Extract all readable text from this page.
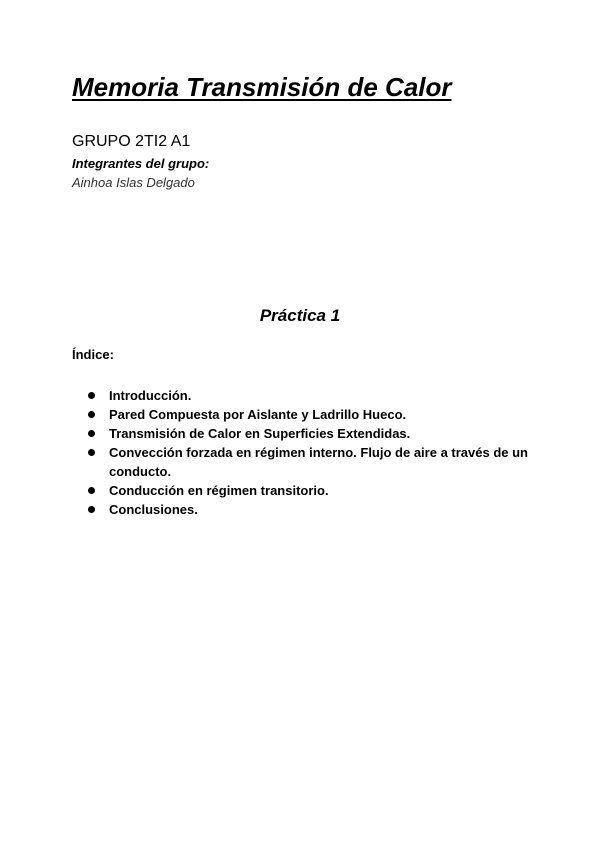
Memoria Transmisión de Calor
GRUPO 2TI2 A1
Integrantes del grupo:
Ainhoa Islas Delgado
Práctica 1
Índice:
Introducción.
Pared Compuesta por Aislante y Ladrillo Hueco.
Transmisión de Calor en Superficies Extendidas.
Convección forzada en régimen interno. Flujo de aire a través de un conducto.
Conducción en régimen transitorio.
Conclusiones.
